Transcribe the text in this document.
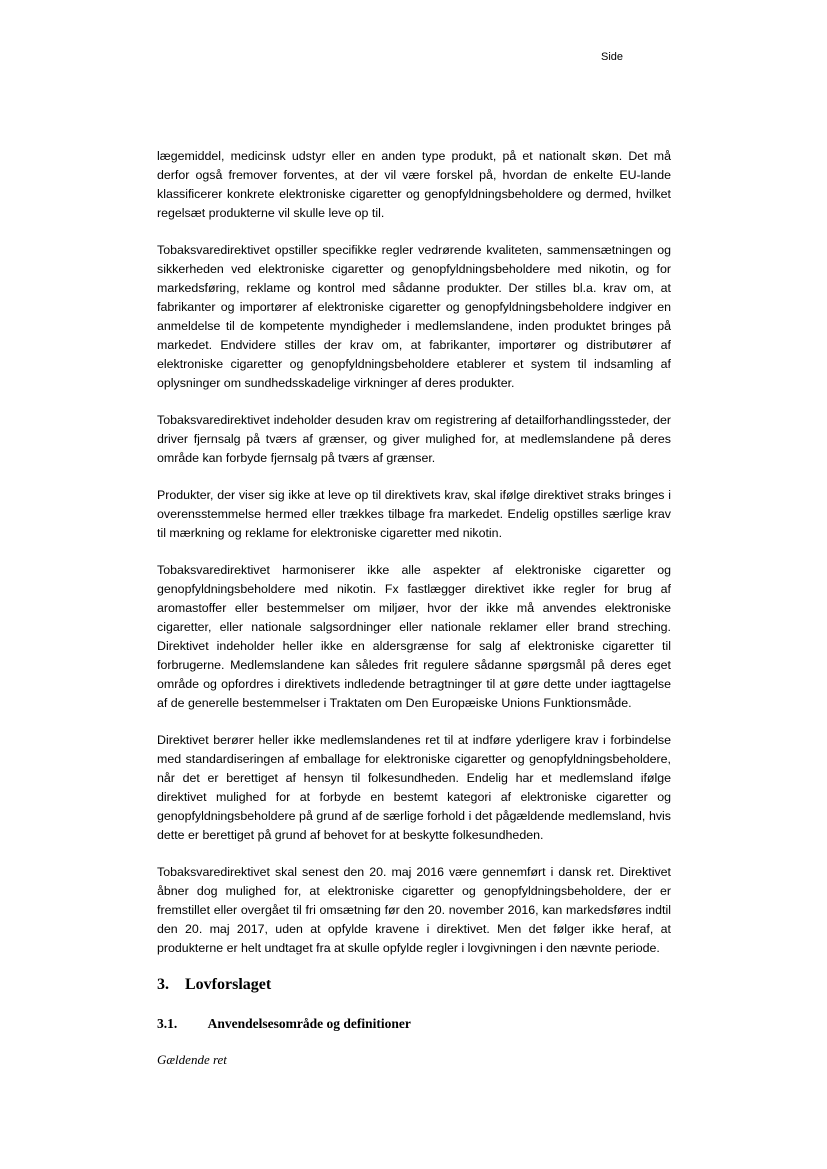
Side

lægemiddel, medicinsk udstyr eller en anden type produkt, på et nationalt skøn. Det må derfor også fremover forventes, at der vil være forskel på, hvordan de enkelte EU-lande klassificerer konkrete elektroniske cigaretter og genopfyldningsbeholdere og dermed, hvilket regelsæt produkterne vil skulle leve op til.

Tobaksvaredirektivet opstiller specifikke regler vedrørende kvaliteten, sammensætningen og sikkerheden ved elektroniske cigaretter og genopfyldningsbeholdere med nikotin, og for markedsføring, reklame og kontrol med sådanne produkter. Der stilles bl.a. krav om, at fabrikanter og importører af elektroniske cigaretter og genopfyldningsbeholdere indgiver en anmeldelse til de kompetente myndigheder i medlemslandene, inden produktet bringes på markedet. Endvidere stilles der krav om, at fabrikanter, importører og distributører af elektroniske cigaretter og genopfyldningsbeholdere etablerer et system til indsamling af oplysninger om sundhedsskadelige virkninger af deres produkter.

Tobaksvaredirektivet indeholder desuden krav om registrering af detailforhandlingssteder, der driver fjernsalg på tværs af grænser, og giver mulighed for, at medlemslandene på deres område kan forbyde fjernsalg på tværs af grænser.

Produkter, der viser sig ikke at leve op til direktivets krav, skal ifølge direktivet straks bringes i overensstemmelse hermed eller trækkes tilbage fra markedet. Endelig opstilles særlige krav til mærkning og reklame for elektroniske cigaretter med nikotin.

Tobaksvaredirektivet harmoniserer ikke alle aspekter af elektroniske cigaretter og genopfyldningsbeholdere med nikotin. Fx fastlægger direktivet ikke regler for brug af aromastoffer eller bestemmelser om miljøer, hvor der ikke må anvendes elektroniske cigaretter, eller nationale salgsordninger eller nationale reklamer eller brand streching. Direktivet indeholder heller ikke en aldersgrænse for salg af elektroniske cigaretter til forbrugerne. Medlemslandene kan således frit regulere sådanne spørgsmål på deres eget område og opfordres i direktivets indledende betragtninger til at gøre dette under iagttagelse af de generelle bestemmelser i Traktaten om Den Europæiske Unions Funktionsmåde.

Direktivet berører heller ikke medlemslandenes ret til at indføre yderligere krav i forbindelse med standardiseringen af emballage for elektroniske cigaretter og genopfyldningsbeholdere, når det er berettiget af hensyn til folkesundheden. Endelig har et medlemsland ifølge direktivet mulighed for at forbyde en bestemt kategori af elektroniske cigaretter og genopfyldningsbeholdere på grund af de særlige forhold i det pågældende medlemsland, hvis dette er berettiget på grund af behovet for at beskytte folkesundheden.

Tobaksvaredirektivet skal senest den 20. maj 2016 være gennemført i dansk ret. Direktivet åbner dog mulighed for, at elektroniske cigaretter og genopfyldningsbeholdere, der er fremstillet eller overgået til fri omsætning før den 20. november 2016, kan markedsføres indtil den 20. maj 2017, uden at opfylde kravene i direktivet. Men det følger ikke heraf, at produkterne er helt undtaget fra at skulle opfylde regler i lovgivningen i den nævnte periode.

3. Lovforslaget
3.1. Anvendelsesområde og definitioner

Gældende ret
